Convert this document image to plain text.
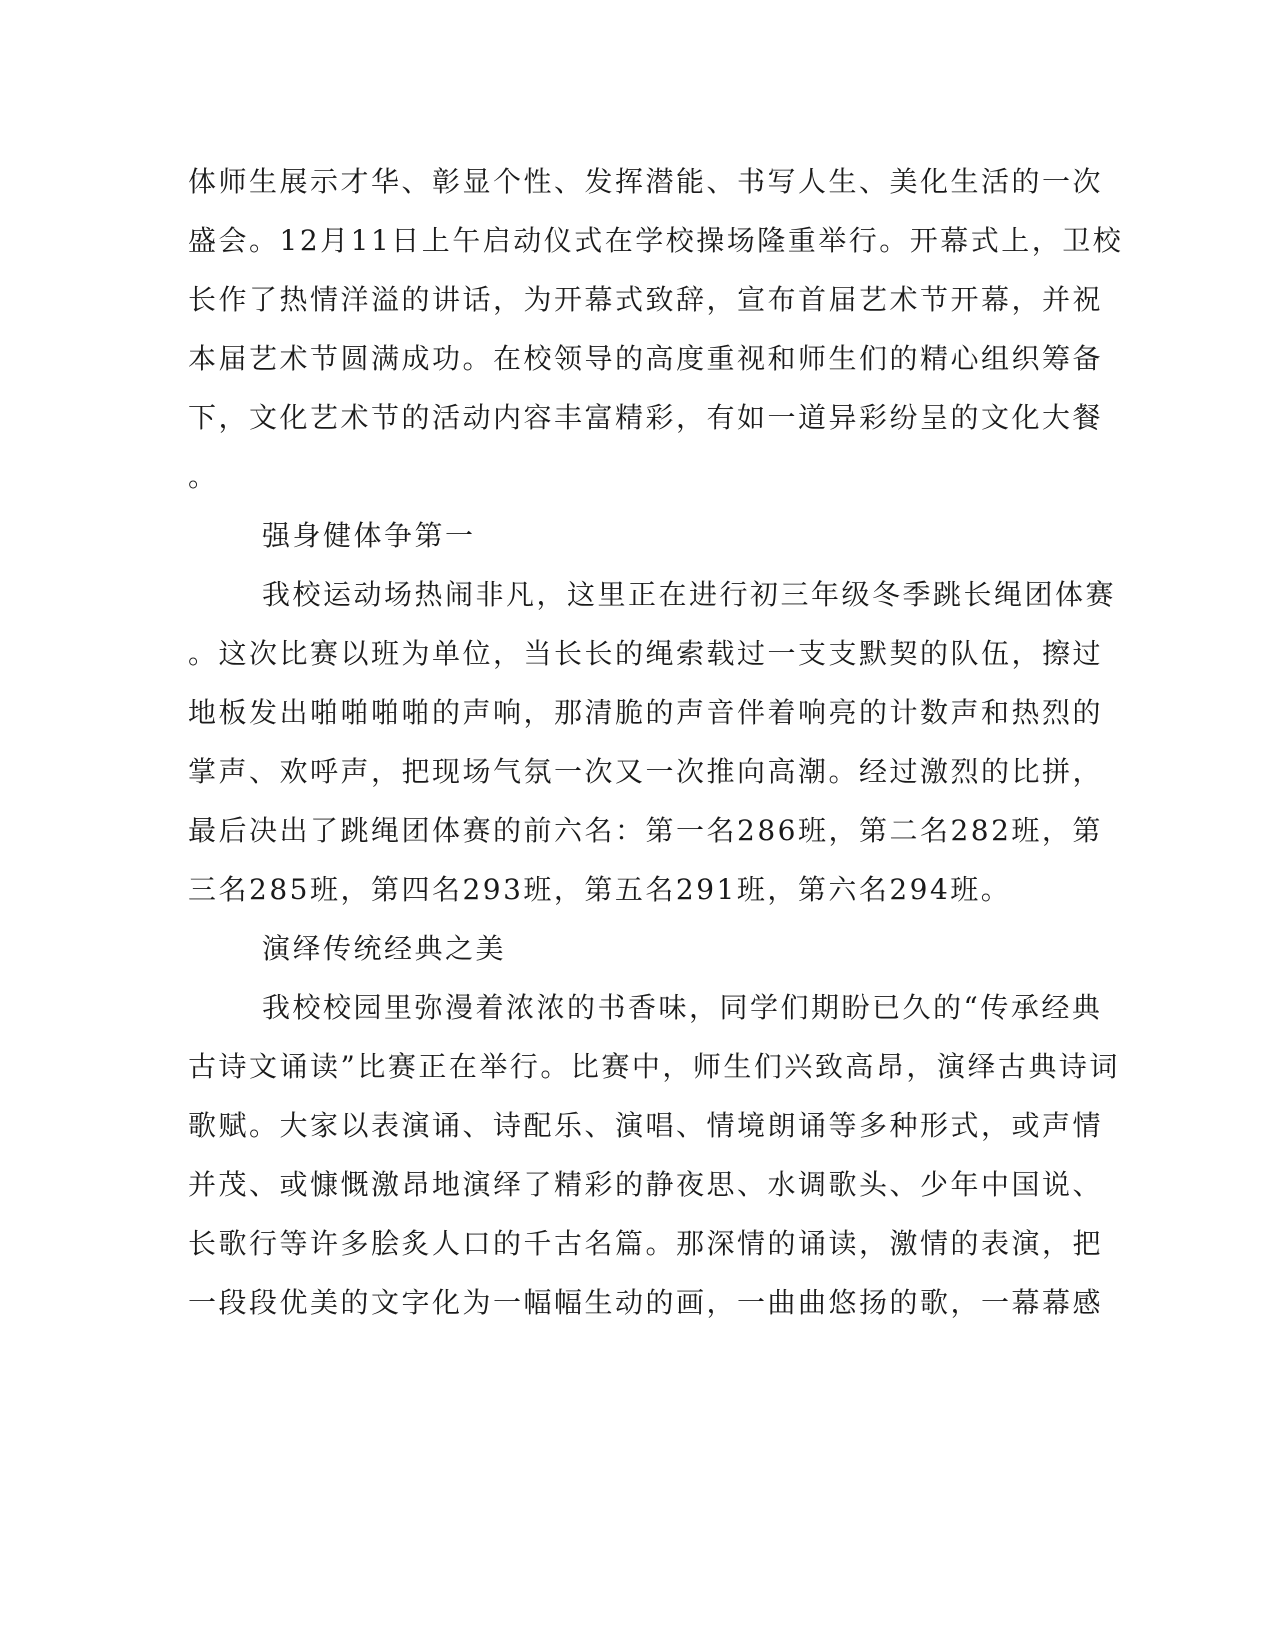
体师生展示才华、彰显个性、发挥潜能、书写人生、美化生活的一次
盛会。12月11日上午启动仪式在学校操场隆重举行。开幕式上，卫校
长作了热情洋溢的讲话，为开幕式致辞，宣布首届艺术节开幕，并祝
本届艺术节圆满成功。在校领导的高度重视和师生们的精心组织筹备
下，文化艺术节的活动内容丰富精彩，有如一道异彩纷呈的文化大餐
。
强身健体争第一
我校运动场热闹非凡，这里正在进行初三年级冬季跳长绳团体赛
。这次比赛以班为单位，当长长的绳索载过一支支默契的队伍，擦过
地板发出啪啪啪啪的声响，那清脆的声音伴着响亮的计数声和热烈的
掌声、欢呼声，把现场气氛一次又一次推向高潮。经过激烈的比拼，
最后决出了跳绳团体赛的前六名：第一名286班，第二名282班，第
三名285班，第四名293班，第五名291班，第六名294班。
演绎传统经典之美
我校校园里弥漫着浓浓的书香味，同学们期盼已久的“传承经典
古诗文诵读”比赛正在举行。比赛中，师生们兴致高昂，演绎古典诗词
歌赋。大家以表演诵、诗配乐、演唱、情境朗诵等多种形式，或声情
并茂、或慷慨激昂地演绎了精彩的静夜思、水调歌头、少年中国说、
长歌行等许多脍炙人口的千古名篇。那深情的诵读，激情的表演，把
一段段优美的文字化为一幅幅生动的画，一曲曲悠扬的歌，一幕幕感
